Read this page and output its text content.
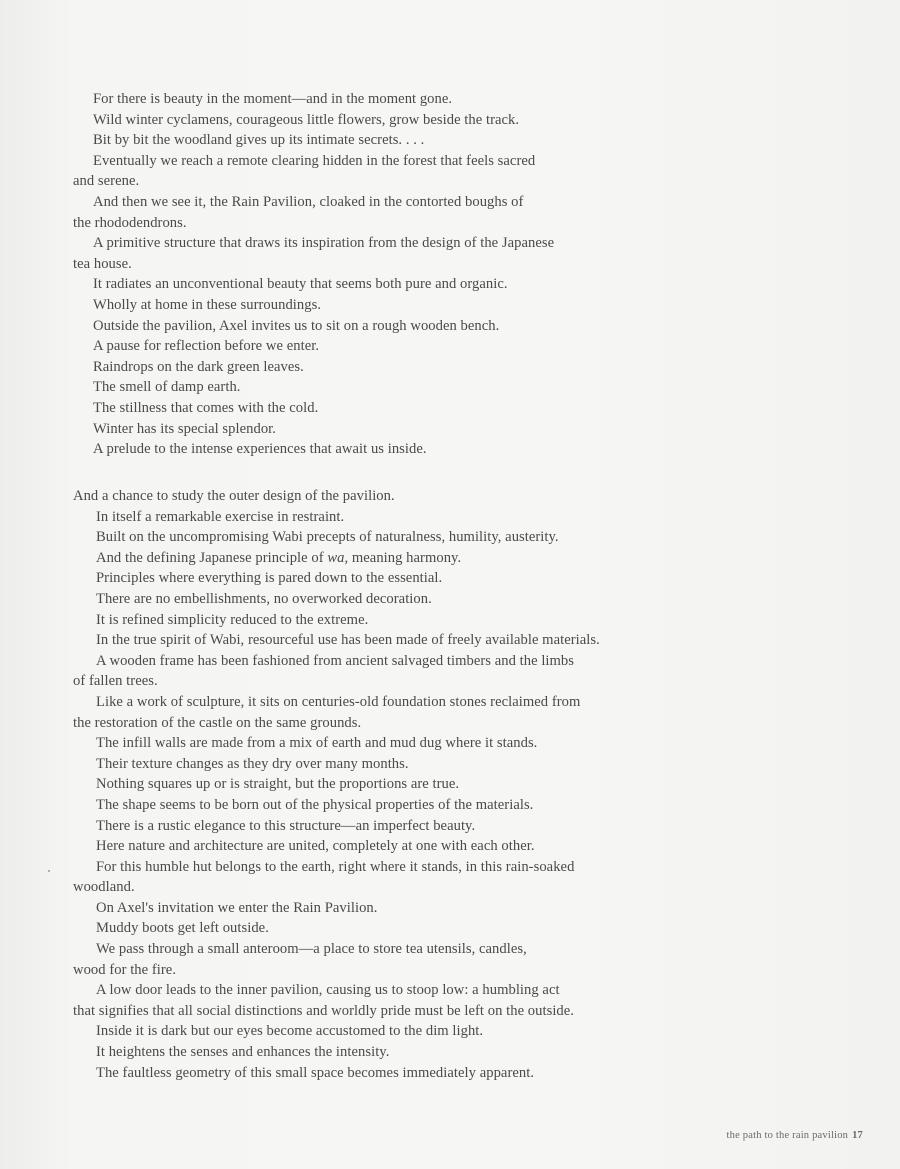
For there is beauty in the moment—and in the moment gone.

Wild winter cyclamens, courageous little flowers, grow beside the track.

Bit by bit the woodland gives up its intimate secrets. . . .

Eventually we reach a remote clearing hidden in the forest that feels sacred
and serene.

And then we see it, the Rain Pavilion, cloaked in the contorted boughs of
the rhododendrons.

A primitive structure that draws its inspiration from the design of the Japanese
tea house.

It radiates an unconventional beauty that seems both pure and organic.

Wholly at home in these surroundings.

Outside the pavilion, Axel invites us to sit on a rough wooden bench.

A pause for reflection before we enter.

Raindrops on the dark green leaves.

The smell of damp earth.

The stillness that comes with the cold.

Winter has its special splendor.

A prelude to the intense experiences that await us inside.

And a chance to study the outer design of the pavilion.

In itself a remarkable exercise in restraint.

Built on the uncompromising Wabi precepts of naturalness, humility, austerity.

And the defining Japanese principle of wa, meaning harmony.

Principles where everything is pared down to the essential.

There are no embellishments, no overworked decoration.

It is refined simplicity reduced to the extreme.

In the true spirit of Wabi, resourceful use has been made of freely available materials.

A wooden frame has been fashioned from ancient salvaged timbers and the limbs
of fallen trees.

Like a work of sculpture, it sits on centuries-old foundation stones reclaimed from
the restoration of the castle on the same grounds.

The infill walls are made from a mix of earth and mud dug where it stands.

Their texture changes as they dry over many months.

Nothing squares up or is straight, but the proportions are true.

The shape seems to be born out of the physical properties of the materials.

There is a rustic elegance to this structure—an imperfect beauty.

Here nature and architecture are united, completely at one with each other.

For this humble hut belongs to the earth, right where it stands, in this rain-soaked
woodland.

On Axel's invitation we enter the Rain Pavilion.

Muddy boots get left outside.

We pass through a small anteroom—a place to store tea utensils, candles,
wood for the fire.

A low door leads to the inner pavilion, causing us to stoop low: a humbling act
that signifies that all social distinctions and worldly pride must be left on the outside.

Inside it is dark but our eyes become accustomed to the dim light.

It heightens the senses and enhances the intensity.

The faultless geometry of this small space becomes immediately apparent.

the path to the rain pavilion 17
